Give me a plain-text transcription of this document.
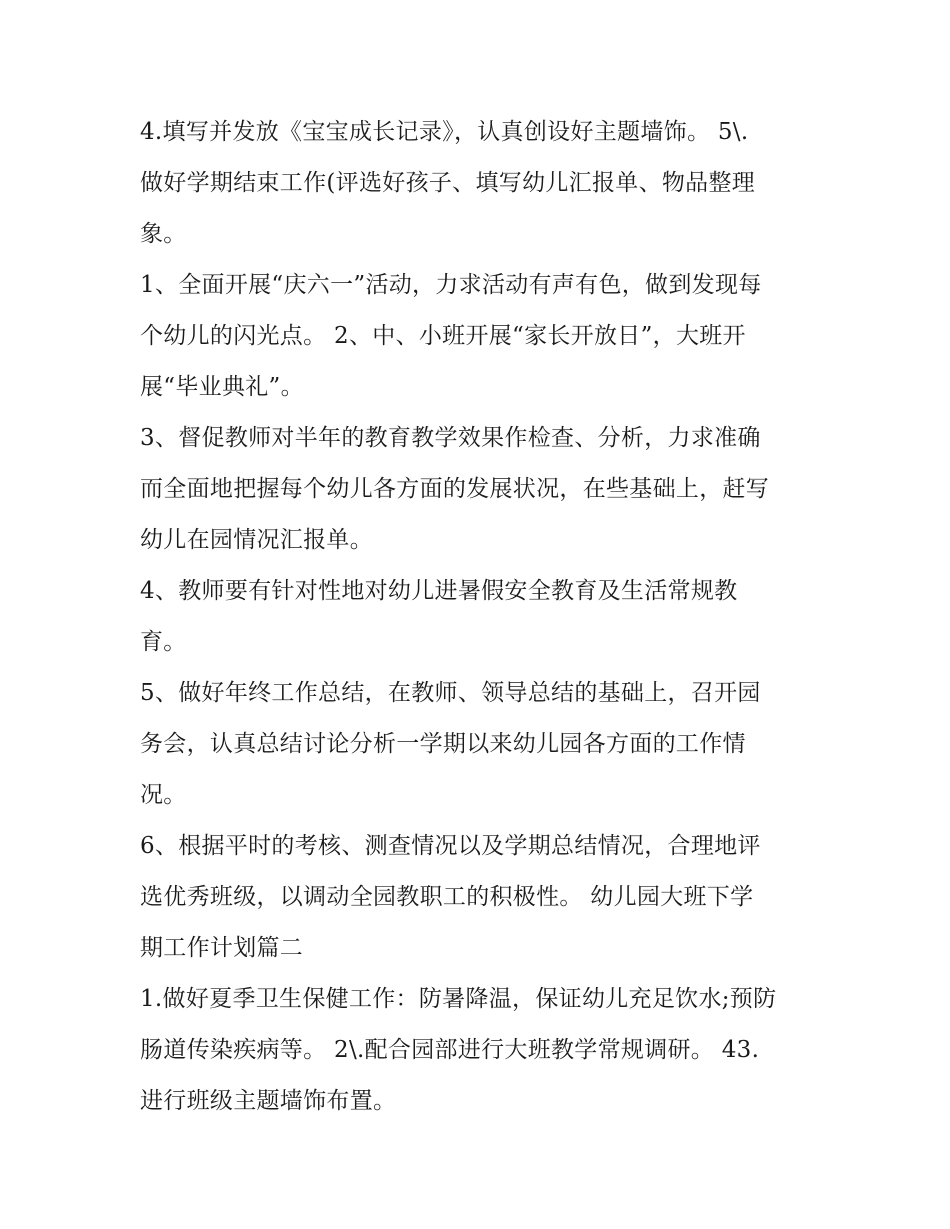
4.填写并发放《宝宝成长记录》，认真创设好主题墙饰。 5\.
做好学期结束工作(评选好孩子、填写幼儿汇报单、物品整理
象。

1、全面开展“庆六一”活动，力求活动有声有色，做到发现每
个幼儿的闪光点。 2、中、小班开展“家长开放日”，大班开
展“毕业典礼”。

3、督促教师对半年的教育教学效果作检查、分析，力求准确
而全面地把握每个幼儿各方面的发展状况，在些基础上，赶写
幼儿在园情况汇报单。

4、教师要有针对性地对幼儿进暑假安全教育及生活常规教
育。

5、做好年终工作总结，在教师、领导总结的基础上，召开园
务会，认真总结讨论分析一学期以来幼儿园各方面的工作情
况。

6、根据平时的考核、测查情况以及学期总结情况，合理地评
选优秀班级，以调动全园教职工的积极性。 幼儿园大班下学
期工作计划篇二

1.做好夏季卫生保健工作：防暑降温，保证幼儿充足饮水;预防
肠道传染疾病等。 2\.配合园部进行大班教学常规调研。 43.
进行班级主题墙饰布置。
